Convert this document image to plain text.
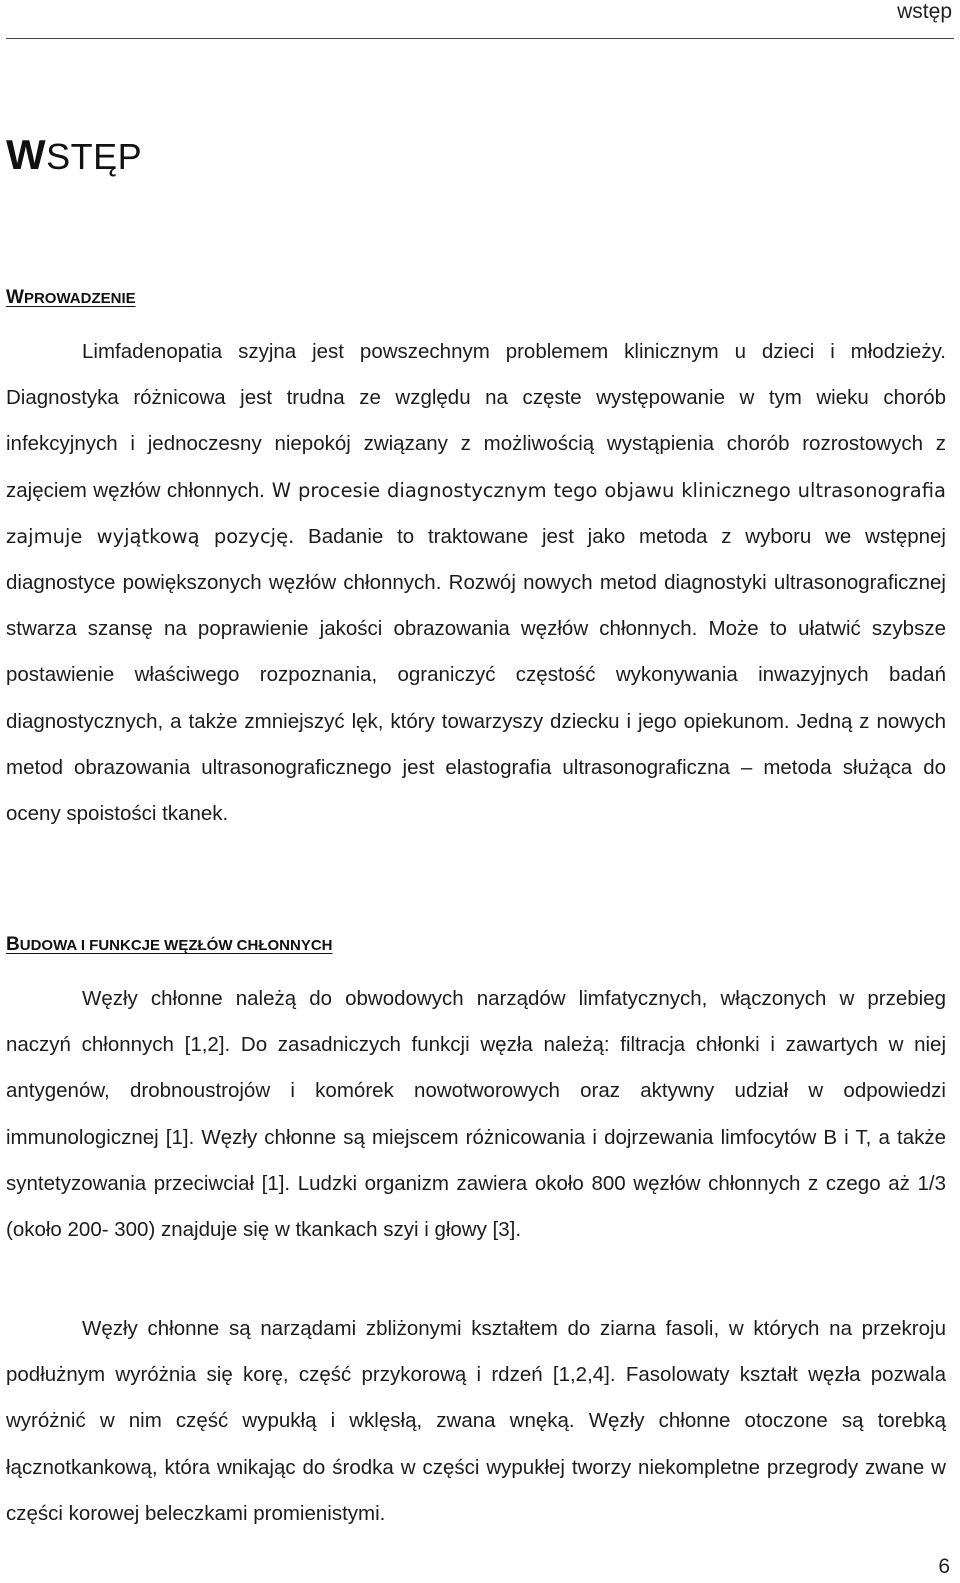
wstęp
WSTĘP
WPROWADZENIE

Limfadenopatia szyjna jest powszechnym problemem klinicznym u dzieci i młodzieży. Diagnostyka różnicowa jest trudna ze względu na częste występowanie w tym wieku chorób infekcyjnych i jednoczesny niepokój związany z możliwością wystąpienia chorób rozrostowych z zajęciem węzłów chłonnych. W procesie diagnostycznym tego objawu klinicznego ultrasonografia zajmuje wyjątkową pozycję. Badanie to traktowane jest jako metoda z wyboru we wstępnej diagnostyce powiększonych węzłów chłonnych. Rozwój nowych metod diagnostyki ultrasonograficznej stwarza szansę na poprawienie jakości obrazowania węzłów chłonnych. Może to ułatwić szybsze postawienie właściwego rozpoznania, ograniczyć częstość wykonywania inwazyjnych badań diagnostycznych, a także zmniejszyć lęk, który towarzyszy dziecku i jego opiekunom. Jedną z nowych metod obrazowania ultrasonograficznego jest elastografia ultrasonograficzna – metoda służąca do oceny spoistości tkanek.

BUDOWA I FUNKCJE WĘZŁÓW CHŁONNYCH

Węzły chłonne należą do obwodowych narządów limfatycznych, włączonych w przebieg naczyń chłonnych [1,2]. Do zasadniczych funkcji węzła należą: filtracja chłonki i zawartych w niej antygenów, drobnoustrojów i komórek nowotworowych oraz aktywny udział w odpowiedzi immunologicznej [1]. Węzły chłonne są miejscem różnicowania i dojrzewania limfocytów B i T, a także syntetyzowania przeciwciał [1]. Ludzki organizm zawiera około 800 węzłów chłonnych z czego aż 1/3 (około 200- 300) znajduje się w tkankach szyi i głowy [3].

Węzły chłonne są narządami zbliżonymi kształtem do ziarna fasoli, w których na przekroju podłużnym wyróżnia się korę, część przykorową i rdzeń [1,2,4]. Fasolowaty kształt węzła pozwala wyróżnić w nim część wypukłą i wklęsłą, zwana wnęką. Węzły chłonne otoczone są torebką łącznotkankową, która wnikając do środka w części wypukłej tworzy niekompletne przegrody zwane w części korowej beleczkami promienistymi.

6
